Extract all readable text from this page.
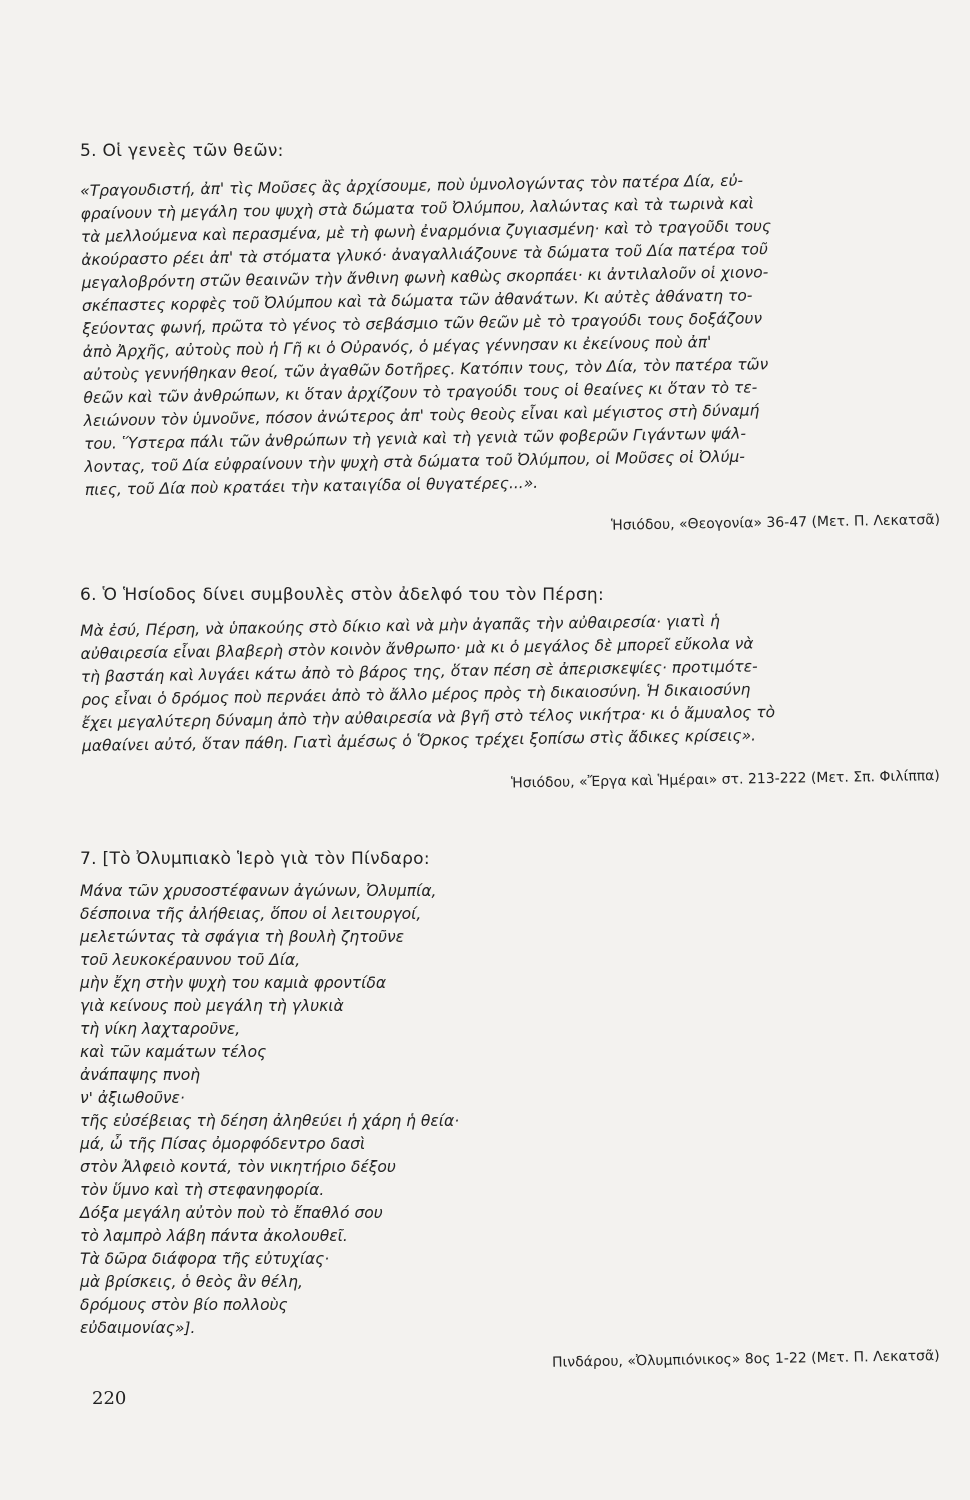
5. Οἱ γενεὲς τῶν θεῶν:

«Τραγουδιστή, ἀπ' τὶς Μοῦσες ἂς ἀρχίσουμε, ποὺ ὑμνολογώντας τὸν πατέρα Δία, εὐ-
φραίνουν τὴ μεγάλη του ψυχὴ στὰ δώματα τοῦ Ὀλύμπου, λαλώντας καὶ τὰ τωρινὰ καὶ
τὰ μελλούμενα καὶ περασμένα, μὲ τὴ φωνὴ ἐναρμόνια ζυγιασμένη· καὶ τὸ τραγοῦδι τους
ἀκούραστο ρέει ἀπ' τὰ στόματα γλυκό· ἀναγαλλιάζουνε τὰ δώματα τοῦ Δία πατέρα τοῦ
μεγαλοβρόντη στῶν θεαινῶν τὴν ἄνθινη φωνὴ καθὼς σκορπάει· κι ἀντιλαλοῦν οἱ χιονο-
σκέπαστες κορφὲς τοῦ Ὀλύμπου καὶ τὰ δώματα τῶν ἀθανάτων. Κι αὐτὲς ἀθάνατη το-
ξεύοντας φωνή, πρῶτα τὸ γένος τὸ σεβάσμιο τῶν θεῶν μὲ τὸ τραγούδι τους δοξάζουν
ἀπὸ Ἀρχῆς, αὐτοὺς ποὺ ἡ Γῆ κι ὁ Οὐρανός, ὁ μέγας γέννησαν κι ἐκείνους ποὺ ἀπ'
αὐτοὺς γεννήθηκαν θεοί, τῶν ἀγαθῶν δοτῆρες. Κατόπιν τους, τὸν Δία, τὸν πατέρα τῶν
θεῶν καὶ τῶν ἀνθρώπων, κι ὅταν ἀρχίζουν τὸ τραγούδι τους οἱ θεαίνες κι ὅταν τὸ τε-
λειώνουν τὸν ὑμνοῦνε, πόσον ἀνώτερος ἀπ' τοὺς θεοὺς εἶναι καὶ μέγιστος στὴ δύναμή
του. Ὕστερα πάλι τῶν ἀνθρώπων τὴ γενιὰ καὶ τὴ γενιὰ τῶν φοβερῶν Γιγάντων ψάλ-
λοντας, τοῦ Δία εὐφραίνουν τὴν ψυχὴ στὰ δώματα τοῦ Ὀλύμπου, οἱ Μοῦσες οἱ Ὀλύμ-
πιες, τοῦ Δία ποὺ κρατάει τὴν καταιγίδα οἱ θυγατέρες...».
Ἡσιόδου, «Θεογονία» 36-47 (Μετ. Π. Λεκατσᾶ)

6. Ὁ Ἡσίοδος δίνει συμβουλὲς στὸν ἀδελφό του τὸν Πέρση:

Μὰ ἐσύ, Πέρση, νὰ ὑπακούης στὸ δίκιο καὶ νὰ μὴν ἀγαπᾶς τὴν αὐθαιρεσία· γιατὶ ἡ
αὐθαιρεσία εἶναι βλαβερὴ στὸν κοινὸν ἄνθρωπο· μὰ κι ὁ μεγάλος δὲ μπορεῖ εὔκολα νὰ
τὴ βαστάη καὶ λυγάει κάτω ἀπὸ τὸ βάρος της, ὅταν πέση σὲ ἀπερισκεψίες· προτιμότε-
ρος εἶναι ὁ δρόμος ποὺ περνάει ἀπὸ τὸ ἄλλο μέρος πρὸς τὴ δικαιοσύνη. Ἡ δικαιοσύνη
ἔχει μεγαλύτερη δύναμη ἀπὸ τὴν αὐθαιρεσία νὰ βγῆ στὸ τέλος νικήτρα· κι ὁ ἄμυαλος τὸ
μαθαίνει αὐτό, ὅταν πάθη. Γιατὶ ἀμέσως ὁ Ὅρκος τρέχει ξοπίσω στὶς ἄδικες κρίσεις».
Ἡσιόδου, «Ἔργα καὶ Ἡμέραι» στ. 213-222 (Μετ. Σπ. Φιλίππα)

7. [Τὸ Ὀλυμπιακὸ Ἱερὸ γιὰ τὸν Πίνδαρο:

Μάνα τῶν χρυσοστέφανων ἀγώνων, Ὀλυμπία,
δέσποινα τῆς ἀλήθειας, ὅπου οἱ λειτουργοί,
μελετώντας τὰ σφάγια τὴ βουλὴ ζητοῦνε
τοῦ λευκοκέραυνου τοῦ Δία,
μὴν ἔχη στὴν ψυχὴ του καμιὰ φροντίδα
γιὰ κείνους ποὺ μεγάλη τὴ γλυκιὰ
τὴ νίκη λαχταροῦνε,
καὶ τῶν καμάτων τέλος
ἀνάπαψης πνοὴ
ν' ἀξιωθοῦνε·
τῆς εὐσέβειας τὴ δέηση ἀληθεύει ἡ χάρη ἡ θεία·
μά, ὦ τῆς Πίσας ὀμορφόδεντρο δασὶ
στὸν Ἀλφειὸ κοντά, τὸν νικητήριο δέξου
τὸν ὕμνο καὶ τὴ στεφανηφορία.
Δόξα μεγάλη αὐτὸν ποὺ τὸ ἔπαθλό σου
τὸ λαμπρὸ λάβη πάντα ἀκολουθεῖ.
Τὰ δῶρα διάφορα τῆς εὐτυχίας·
μὰ βρίσκεις, ὁ θεὸς ἂν θέλη,
δρόμους στὸν βίο πολλοὺς
εὐδαιμονίας»].
Πινδάρου, «Ὀλυμπιόνικος» 8ος 1-22 (Μετ. Π. Λεκατσᾶ)
220
